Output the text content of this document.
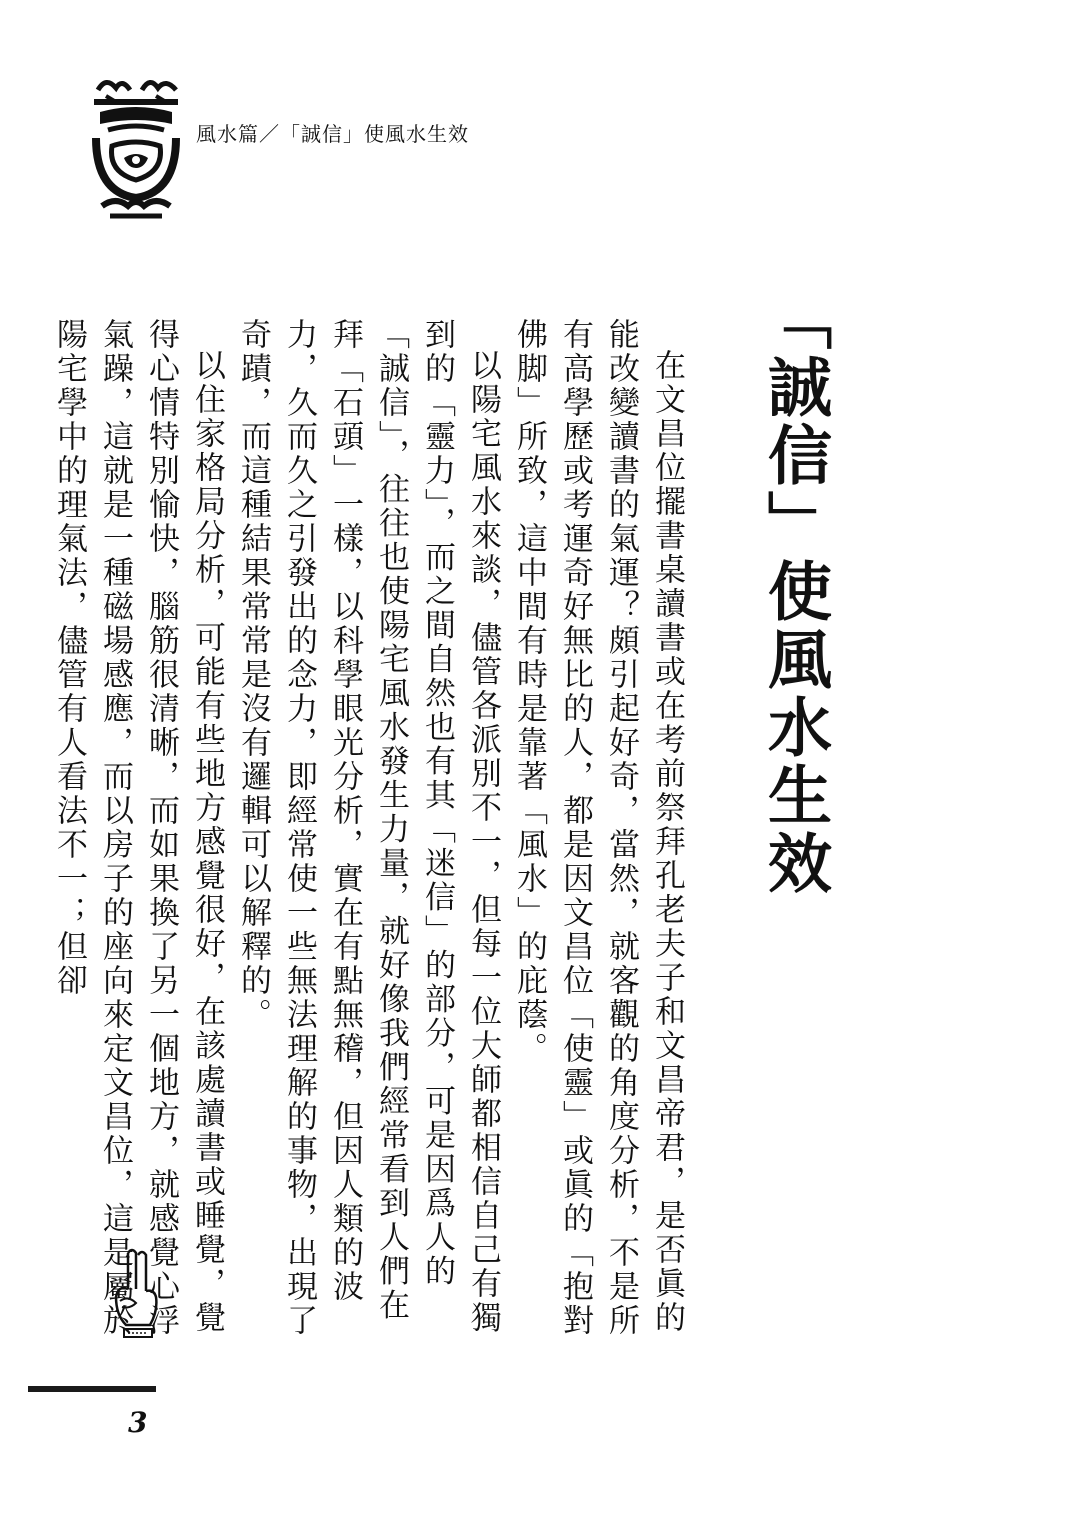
風水篇／「誠信」使風水生效
「誠信」使風水生效

在文昌位擺書桌讀書或在考前祭拜孔老夫子和文昌帝君，是否眞的能改變讀書的氣運？頗引起好奇，當然，就客觀的角度分析，不是所有高學歷或考運奇好無比的人，都是因文昌位「使靈」或眞的「抱對佛脚」所致，這中間有時是靠著「風水」的庇蔭。

以陽宅風水來談，儘管各派別不一，但每一位大師都相信自己有獨到的「靈力」，而之間自然也有其「迷信」的部分，可是因爲人的「誠信」，往往也使陽宅風水發生力量，就好像我們經常看到人們在拜「石頭」一樣，以科學眼光分析，實在有點無稽，但因人類的波力，久而久之引發出的念力，即經常使一些無法理解的事物，出現了奇蹟，而這種結果常常是沒有邏輯可以解釋的。

以住家格局分析，可能有些地方感覺很好，在該處讀書或睡覺，覺得心情特別愉快，腦筋很清晰，而如果換了另一個地方，就感覺心浮氣躁，這就是一種磁場感應，而以房子的座向來定文昌位，這是屬於陽宅學中的理氣法，儘管有人看法不一；但卻

3
